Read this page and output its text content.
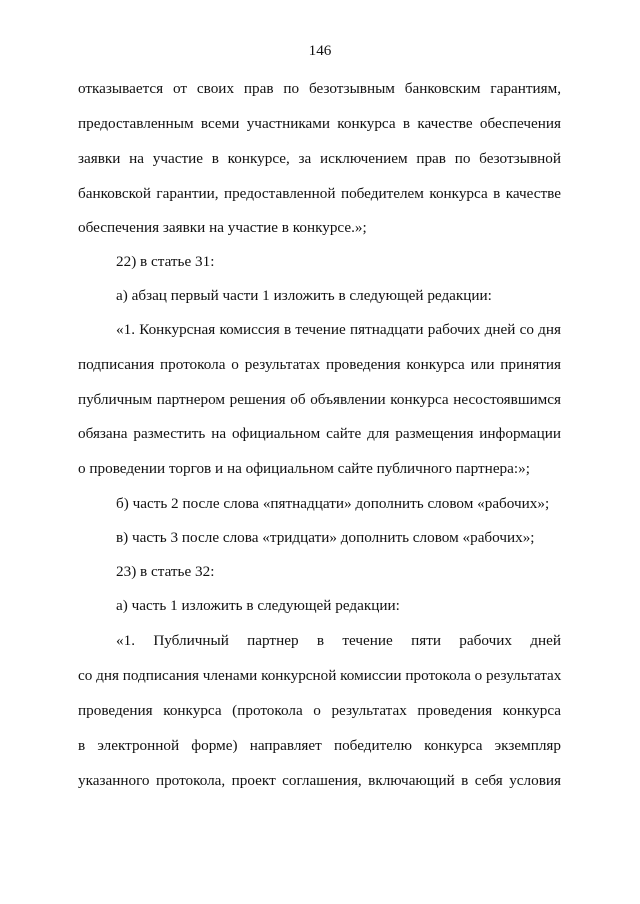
146
отказывается от своих прав по безотзывным банковским гарантиям,
предоставленным всеми участниками конкурса в качестве обеспечения
заявки на участие в конкурсе, за исключением прав по безотзывной
банковской гарантии, предоставленной победителем конкурса в качестве
обеспечения заявки на участие в конкурсе.»;
22) в статье 31:
а) абзац первый части 1 изложить в следующей редакции:
«1. Конкурсная комиссия в течение пятнадцати рабочих дней со дня
подписания протокола о результатах проведения конкурса или принятия
публичным партнером решения об объявлении конкурса несостоявшимся
обязана разместить на официальном сайте для размещения информации
о проведении торгов и на официальном сайте публичного партнера:»;
б) часть 2 после слова «пятнадцати» дополнить словом «рабочих»;
в) часть 3 после слова «тридцати» дополнить словом «рабочих»;
23) в статье 32:
а) часть 1 изложить в следующей редакции:
«1. Публичный партнер в течение пяти рабочих дней
со дня подписания членами конкурсной комиссии протокола о результатах
проведения конкурса (протокола о результатах проведения конкурса
в электронной форме) направляет победителю конкурса экземпляр
указанного протокола, проект соглашения, включающий в себя условия
